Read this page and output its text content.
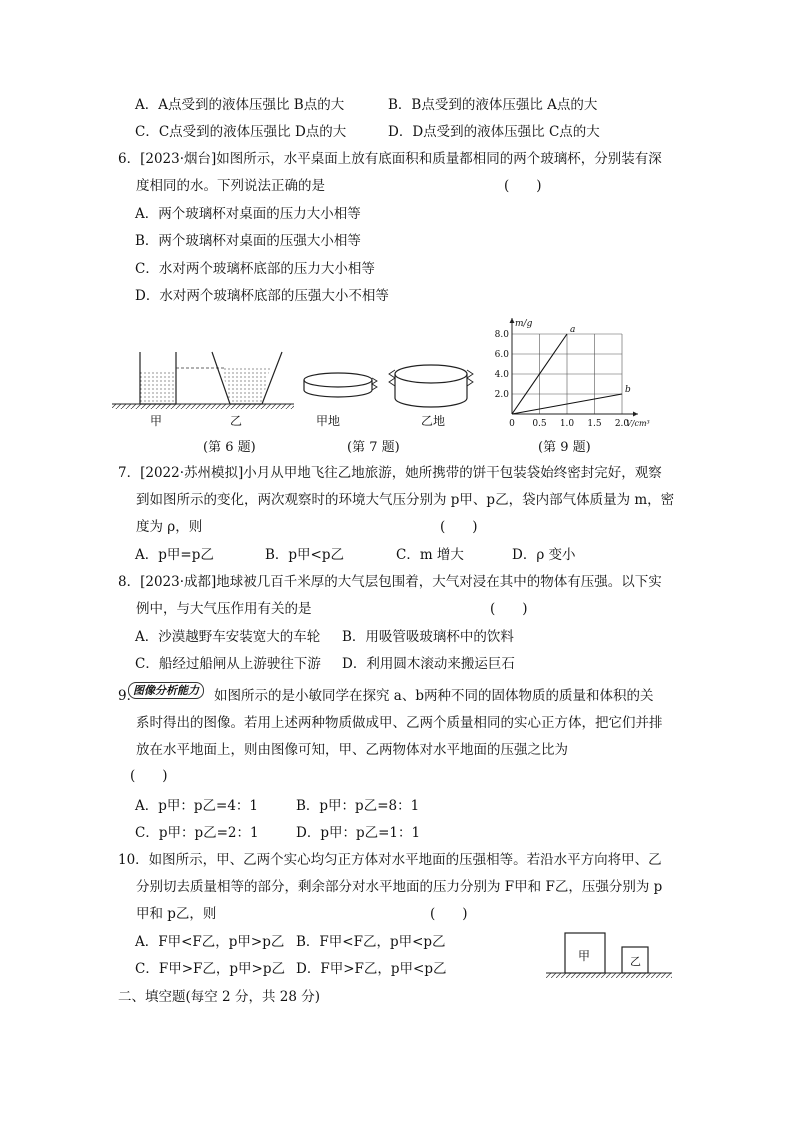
A．A点受到的液体压强比 B点的大	B．B点受到的液体压强比 A点的大
C．C点受到的液体压强比 D点的大	D．D点受到的液体压强比 C点的大
6．[2023·烟台]如图所示，水平桌面上放有底面积和质量都相同的两个玻璃杯，分别装有深
度相同的水。下列说法正确的是	(　　)
A．两个玻璃杯对桌面的压力大小相等
B．两个玻璃杯对桌面的压强大小相等
C．水对两个玻璃杯底部的压力大小相等
D．水对两个玻璃杯底部的压强大小不相等
甲	乙
(第 6 题)
甲地	乙地
(第 7 题)
0 0.5 1.0 1.5 2.0
2.0
4.0
6.0
8.0
m/g
V/cm³
a
b
(第 9 题)
7．[2022·苏州模拟]小月从甲地飞往乙地旅游，她所携带的饼干包装袋始终密封完好，观察
到如图所示的变化，两次观察时的环境大气压分别为 p甲、p乙，袋内部气体质量为 m，密
度为 ρ，则	(　　)
A．p甲=p乙	B．p甲<p乙	C．m 增大	D．ρ 变小
8．[2023·成都]地球被几百千米厚的大气层包围着，大气对浸在其中的物体有压强。以下实
例中，与大气压作用有关的是	(　　)
A．沙漠越野车安装宽大的车轮 B．用吸管吸玻璃杯中的饮料
C．船经过船闸从上游驶往下游 D．利用圆木滚动来搬运巨石
9．
图像分析能力	如图所示的是小敏同学在探究 a、b两种不同的固体物质的质量和体积的关
系时得出的图像。若用上述两种物质做成甲、乙两个质量相同的实心正方体，把它们并排
放在水平地面上，则由图像可知，甲、乙两物体对水平地面的压强之比为
(　　)
A．p甲：p乙=4：1	B．p甲：p乙=8：1
C．p甲：p乙=2：1	D．p甲：p乙=1：1
10．如图所示，甲、乙两个实心均匀正方体对水平地面的压强相等。若沿水平方向将甲、乙
分别切去质量相等的部分，剩余部分对水平地面的压力分别为 F甲和 F乙，压强分别为 p
甲和 p乙，则	(　　)
A．F甲<F乙，p甲>p乙 B．F甲<F乙，p甲<p乙
C．F甲>F乙，p甲>p乙 D．F甲>F乙，p甲<p乙
甲	乙
二、填空题(每空 2 分，共 28 分)
